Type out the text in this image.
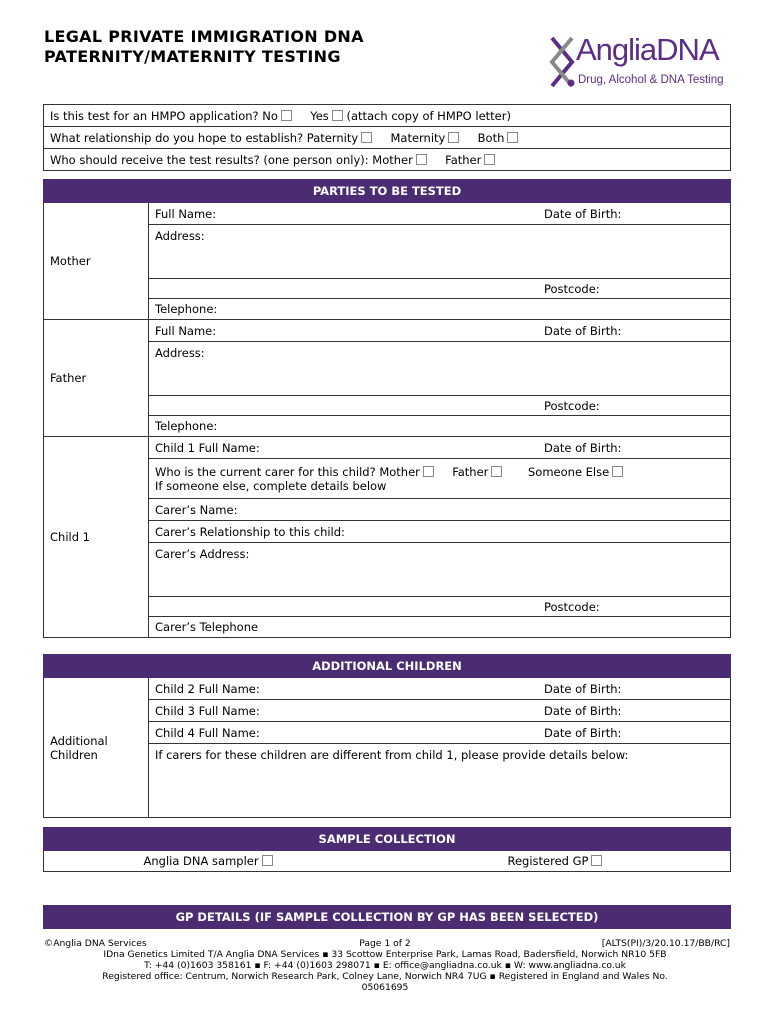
LEGAL PRIVATE IMMIGRATION DNA
PATERNITY/MATERNITY TESTING	AngliaDNA
Drug, Alcohol & DNA Testing
Is this test for an HMPO application? No	Yes (attach copy of HMPO letter)
What relationship do you hope to establish? Paternity	Maternity	Both
Who should receive the test results? (one person only): Mother	Father
PARTIES TO BE TESTED	
Mother	Full Name: Date of Birth:

	Address:

	Postcode:

	Telephone:
Father	Full Name: Date of Birth:

	Address:

	Postcode:

	Telephone:
Child 1	Child 1 Full Name: Date of Birth:

	Who is the current carer for this child? Mother Father Someone Else
If someone else, complete details below

	Carer’s Name:
	Carer’s Relationship to this child:
	Carer’s Address:

	Postcode:

	Carer’s Telephone
ADDITIONAL CHILDREN
Additional
Children	Child 2 Full Name:	Date of Birth:

Child 3 Full Name:	Date of Birth:

Child 4 Full Name:	Date of Birth:

If carers for these children are different from child 1, please provide details below:
SAMPLE COLLECTION

Anglia DNA sampler	Registered GP
GP DETAILS (IF SAMPLE COLLECTION BY GP HAS BEEN SELECTED)
©Anglia DNA Services	Page 1 of 2	[ALTS(PI)/3/20.10.17/BB/RC]
IDna Genetics Limited T/A Anglia DNA Services ▪ 33 Scottow Enterprise Park, Lamas Road, Badersfield, Norwich NR10 5FB
T: +44 (0)1603 358161 ▪ F: +44 (0)1603 298071 ▪ E: office@angliadna.co.uk ▪ W: www.angliadna.co.uk
Registered office: Centrum, Norwich Research Park, Colney Lane, Norwich NR4 7UG ▪ Registered in England and Wales No.
05061695
